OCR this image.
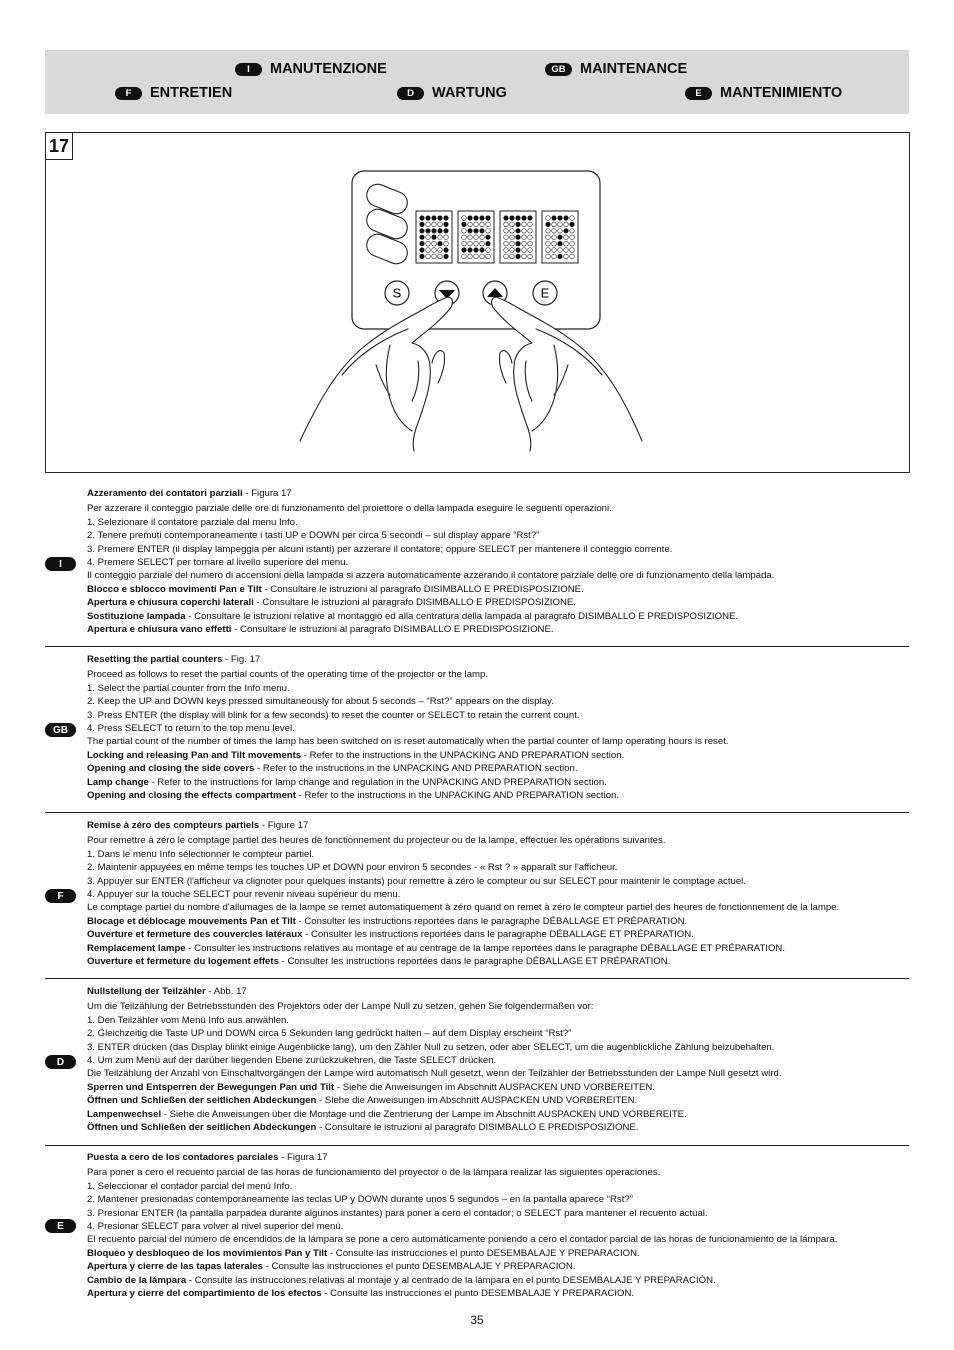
I	MANUTENZIONE	GB MAINTENANCE
F	ENTRETIEN	D	WARTUNG	E	MANTENIMIENTO
17
S	E
I

Azzeramento dei contatori parziali - Figura 17

Per azzerare il conteggio parziale delle ore di funzionamento del proiettore o della lampada eseguire le seguenti operazioni.

1. Selezionare il contatore parziale dal menu Info.

2. Tenere premuti contemporaneamente i tasti UP e DOWN per circa 5 secondi – sul display appare “Rst?”

3. Premere ENTER (il display lampeggia per alcuni istanti) per azzerare il contatore; oppure SELECT per mantenere il conteggio corrente.

4. Premere SELECT per tornare al livello superiore del menu.

Il conteggio parziale del numero di accensioni della lampada si azzera automaticamente azzerando il contatore parziale delle ore di funzionamento della lampada.

Blocco e sblocco movimenti Pan e Tilt - Consultare le istruzioni al paragrafo DISIMBALLO E PREDISPOSIZIONE.

Apertura e chiusura coperchi laterali - Consultare le istruzioni al paragrafo DISIMBALLO E PREDISPOSIZIONE.

Sostituzione lampada - Consultare le istruzioni relative al montaggio ed alla centratura della lampada al paragrafo DISIMBALLO E PREDISPOSIZIONE.

Apertura e chiusura vano effetti - Consultare le istruzioni al paragrafo DISIMBALLO E PREDISPOSIZIONE.

GB

Resetting the partial counters - Fig. 17

Proceed as follows to reset the partial counts of the operating time of the projector or the lamp.

1. Select the partial counter from the Info menu.

2. Keep the UP and DOWN keys pressed simultaneously for about 5 seconds – “Rst?” appears on the display.

3. Press ENTER (the display will blink for a few seconds) to reset the counter or SELECT to retain the current count.

4. Press SELECT to return to the top menu level.

The partial count of the number of times the lamp has been switched on is reset automatically when the partial counter of lamp operating hours is reset.

Locking and releasing Pan and Tilt movements - Refer to the instructions in the UNPACKING AND PREPARATION section.

Opening and closing the side covers - Refer to the instructions in the UNPACKING AND PREPARATION section.

Lamp change - Refer to the instructions for lamp change and regulation in the UNPACKING AND PREPARATION section.

Opening and closing the effects compartment - Refer to the instructions in the UNPACKING AND PREPARATION section.

F

Remise à zéro des compteurs partiels - Figure 17

Pour remettre à zéro le comptage partiel des heures de fonctionnement du projecteur ou de la lampe, effectuer les opérations suivantes.

1. Dans le menu Info sélectionner le compteur partiel.

2. Maintenir appuyées en même temps les touches UP et DOWN pour environ 5 secondes - « Rst ? » apparaît sur l'afficheur.

3. Appuyer sur ENTER (l'afficheur va clignoter pour quelques instants) pour remettre à zéro le compteur ou sur SELECT pour maintenir le comptage actuel.

4. Appuyer sur la touche SELECT pour revenir niveau supérieur du menu.

Le comptage partiel du nombre d'allumages de la lampe se remet automatiquement à zéro quand on remet à zéro le compteur partiel des heures de fonctionnement de la lampe.

Blocage et déblocage mouvements Pan et Tilt - Consulter les instructions reportées dans le paragraphe DÉBALLAGE ET PRÉPARATION.

Ouverture et fermeture des couvercles latéraux - Consulter les instructions reportées dans le paragraphe DÉBALLAGE ET PRÉPARATION.

Remplacement lampe - Consulter les instructions relatives au montage et au centrage de la lampe reportées dans le paragraphe DÉBALLAGE ET PRÉPARATION.

Ouverture et fermeture du logement effets - Consulter les instructions reportées dans le paragraphe DÉBALLAGE ET PRÉPARATION.

D

Nullstellung der Teilzähler - Abb. 17

Um die Teilzählung der Betriebsstunden des Projektors oder der Lampe Null zu setzen, gehen Sie folgendermaßen vor:

1. Den Teilzähler vom Menü Info aus anwählen.

2. Gleichzeitig die Taste UP und DOWN circa 5 Sekunden lang gedrückt halten – auf dem Display erscheint “Rst?”

3. ENTER drücken (das Display blinkt einige Augenblicke lang), um den Zähler Null zu setzen, oder aber SELECT, um die augenblickliche Zählung beizubehalten.

4. Um zum Menü auf der darüber liegenden Ebene zurückzukehren, die Taste SELECT drücken.

Die Teilzählung der Anzahl von Einschaltvorgängen der Lampe wird automatisch Null gesetzt, wenn der Teilzähler der Betriebsstunden der Lampe Null gesetzt wird.

Sperren und Entsperren der Bewegungen Pan und Tilt - Siehe die Anweisungen im Abschnitt AUSPACKEN UND VORBEREITEN.

Öffnen und Schließen der seitlichen Abdeckungen - Siehe die Anweisungen im Abschnitt AUSPACKEN UND VORBEREITEN.

Lampenwechsel - Siehe die Anweisungen über die Montage und die Zentrierung der Lampe im Abschnitt AUSPACKEN UND VORBEREITE.

Öffnen und Schließen der seitlichen Abdeckungen - Consultare le istruzioni al paragrafo DISIMBALLO E PREDISPOSIZIONE.

E

Puesta a cero de los contadores parciales - Figura 17

Para poner a cero el recuento parcial de las horas de funcionamiento del proyector o de la lámpara realizar las siguientes operaciones.

1. Seleccionar el contador parcial del menú Info.

2. Mantener presionadas contemporáneamente las teclas UP y DOWN durante unos 5 segundos – en la pantalla aparece “Rst?”

3. Presionar ENTER (la pantalla parpadea durante algunos instantes) para poner a cero el contador; o SELECT para mantener el recuento actual.

4. Presionar SELECT para volver al nivel superior del menú.

El recuento parcial del número de encendidos de la lámpara se pone a cero automáticamente poniendo a cero el contador parcial de las horas de funcionamiento de la lámpara.

Bloqueo y desbloqueo de los movimientos Pan y Tilt - Consulte las instrucciones el punto DESEMBALAJE Y PREPARACION.

Apertura y cierre de las tapas laterales - Consulte las instrucciones el punto DESEMBALAJE Y PREPARACION.

Cambio de la lámpara - Consulte las instrucciones relativas al montaje y al centrado de la lámpara en el punto DESEMBALAJE Y PREPARACIÓN.

Apertura y cierre del compartimiento de los efectos - Consulte las instrucciones el punto DESEMBALAJE Y PREPARACION.

35
